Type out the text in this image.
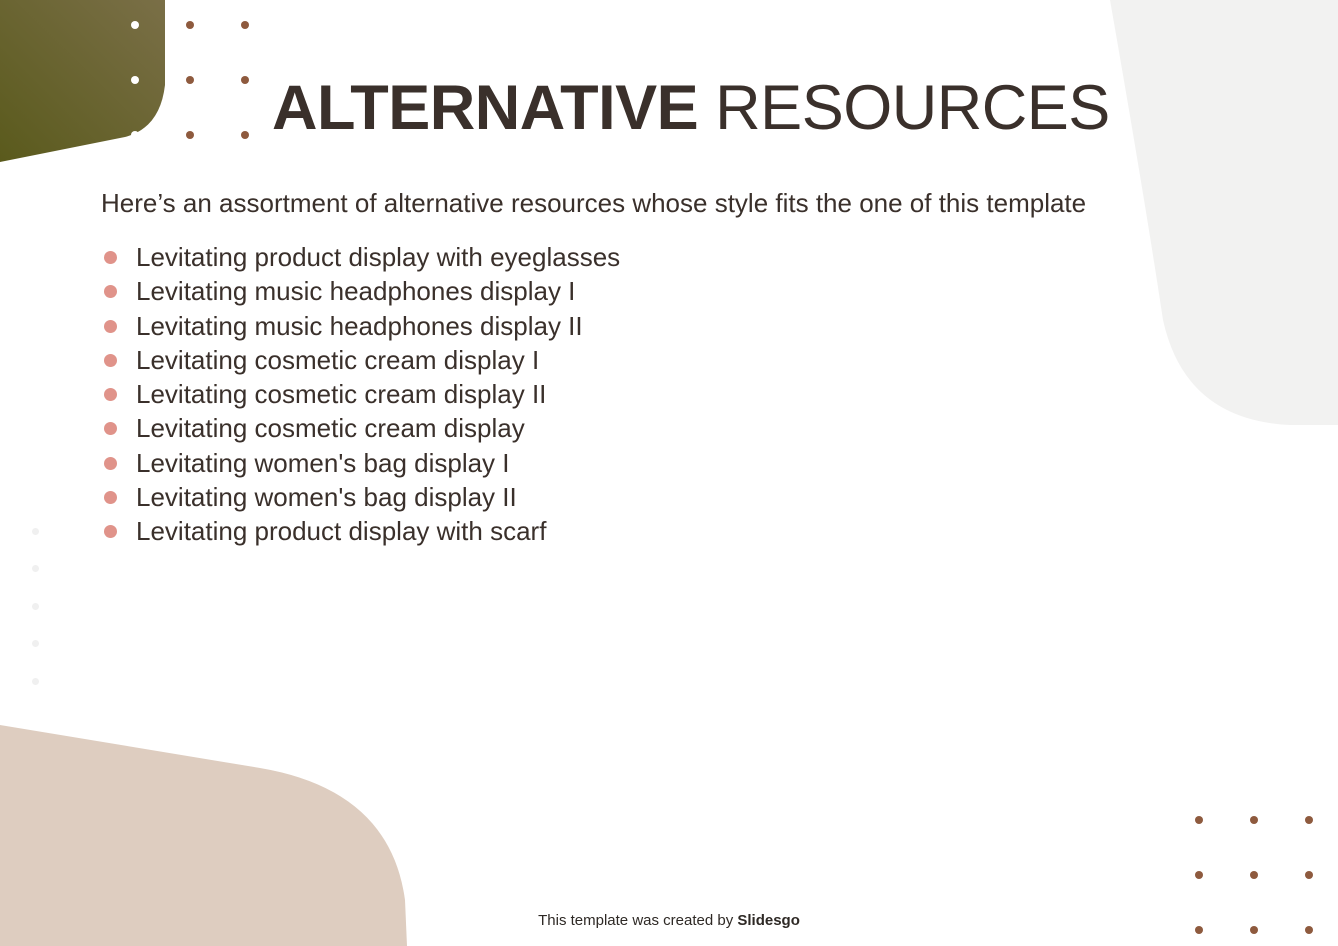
ALTERNATIVE RESOURCES

Here’s an assortment of alternative resources whose style fits the one of this template

Levitating product display with eyeglasses
Levitating music headphones display I
Levitating music headphones display II
Levitating cosmetic cream display I
Levitating cosmetic cream display II
Levitating cosmetic cream display
Levitating women's bag display I
Levitating women's bag display II
Levitating product display with scarf
This template was created by Slidesgo
